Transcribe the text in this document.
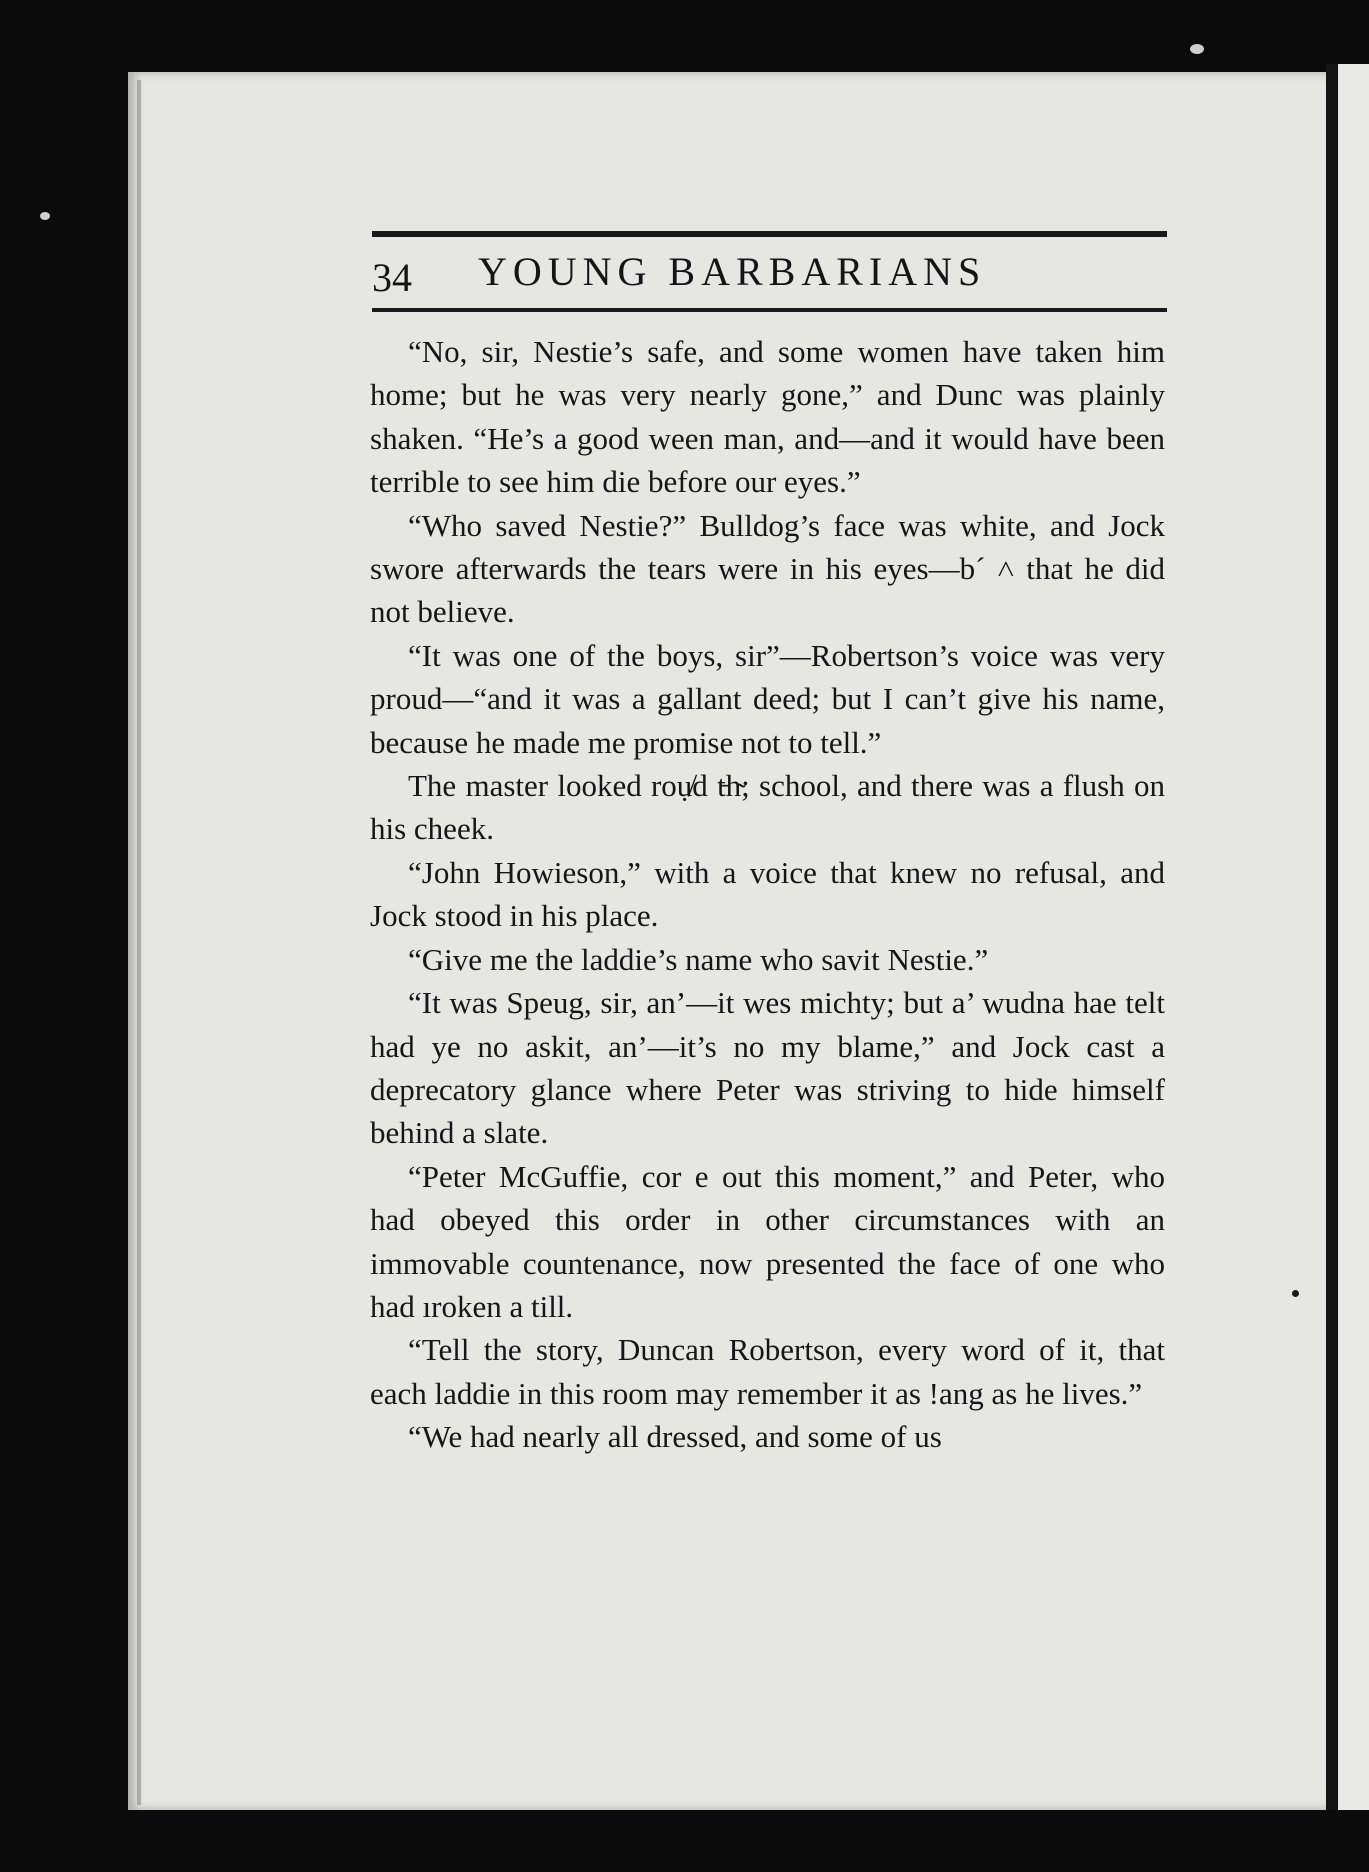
34 YOUNG BARBARIANS

“No, sir, Nestie’s safe, and some women have taken him home; but he was very nearly gone,” and Dunc was plainly shaken. “He’s a good ween man, and—and it would have been terrible to see him die before our eyes.”

“Who saved Nestie?” Bulldog’s face was white, and Jock swore afterwards the tears were in his eyes—b´ ˄ that he did not believe.

“It was one of the boys, sir”—Robertson’s voice was very proud—“and it was a gallant deed; but I can’t give his name, because he made me promise not to tell.”

The master looked roụ̸d t̵h̴; school, and there was a flush on his cheek.

“John Howieson,” with a voice that knew no refusal, and Jock stood in his place.

“Give me the laddie’s name who savit Nestie.”

“It was Speug, sir, an’—it wes michty; but a’ wudna hae telt had ye no askit, an’—it’s no my blame,” and Jock cast a deprecatory glance where Peter was striving to hide himself behind a slate.

“Peter McGuffie, cor e out this moment,” and Peter, who had obeyed this order in other circumstances with an immovable countenance, now presented the face of one who had ıroken a till.

“Tell the story, Duncan Robertson, every word of it, that each laddie in this room may remember it as !ang as he lives.”

“We had nearly all dressed, and some of us
